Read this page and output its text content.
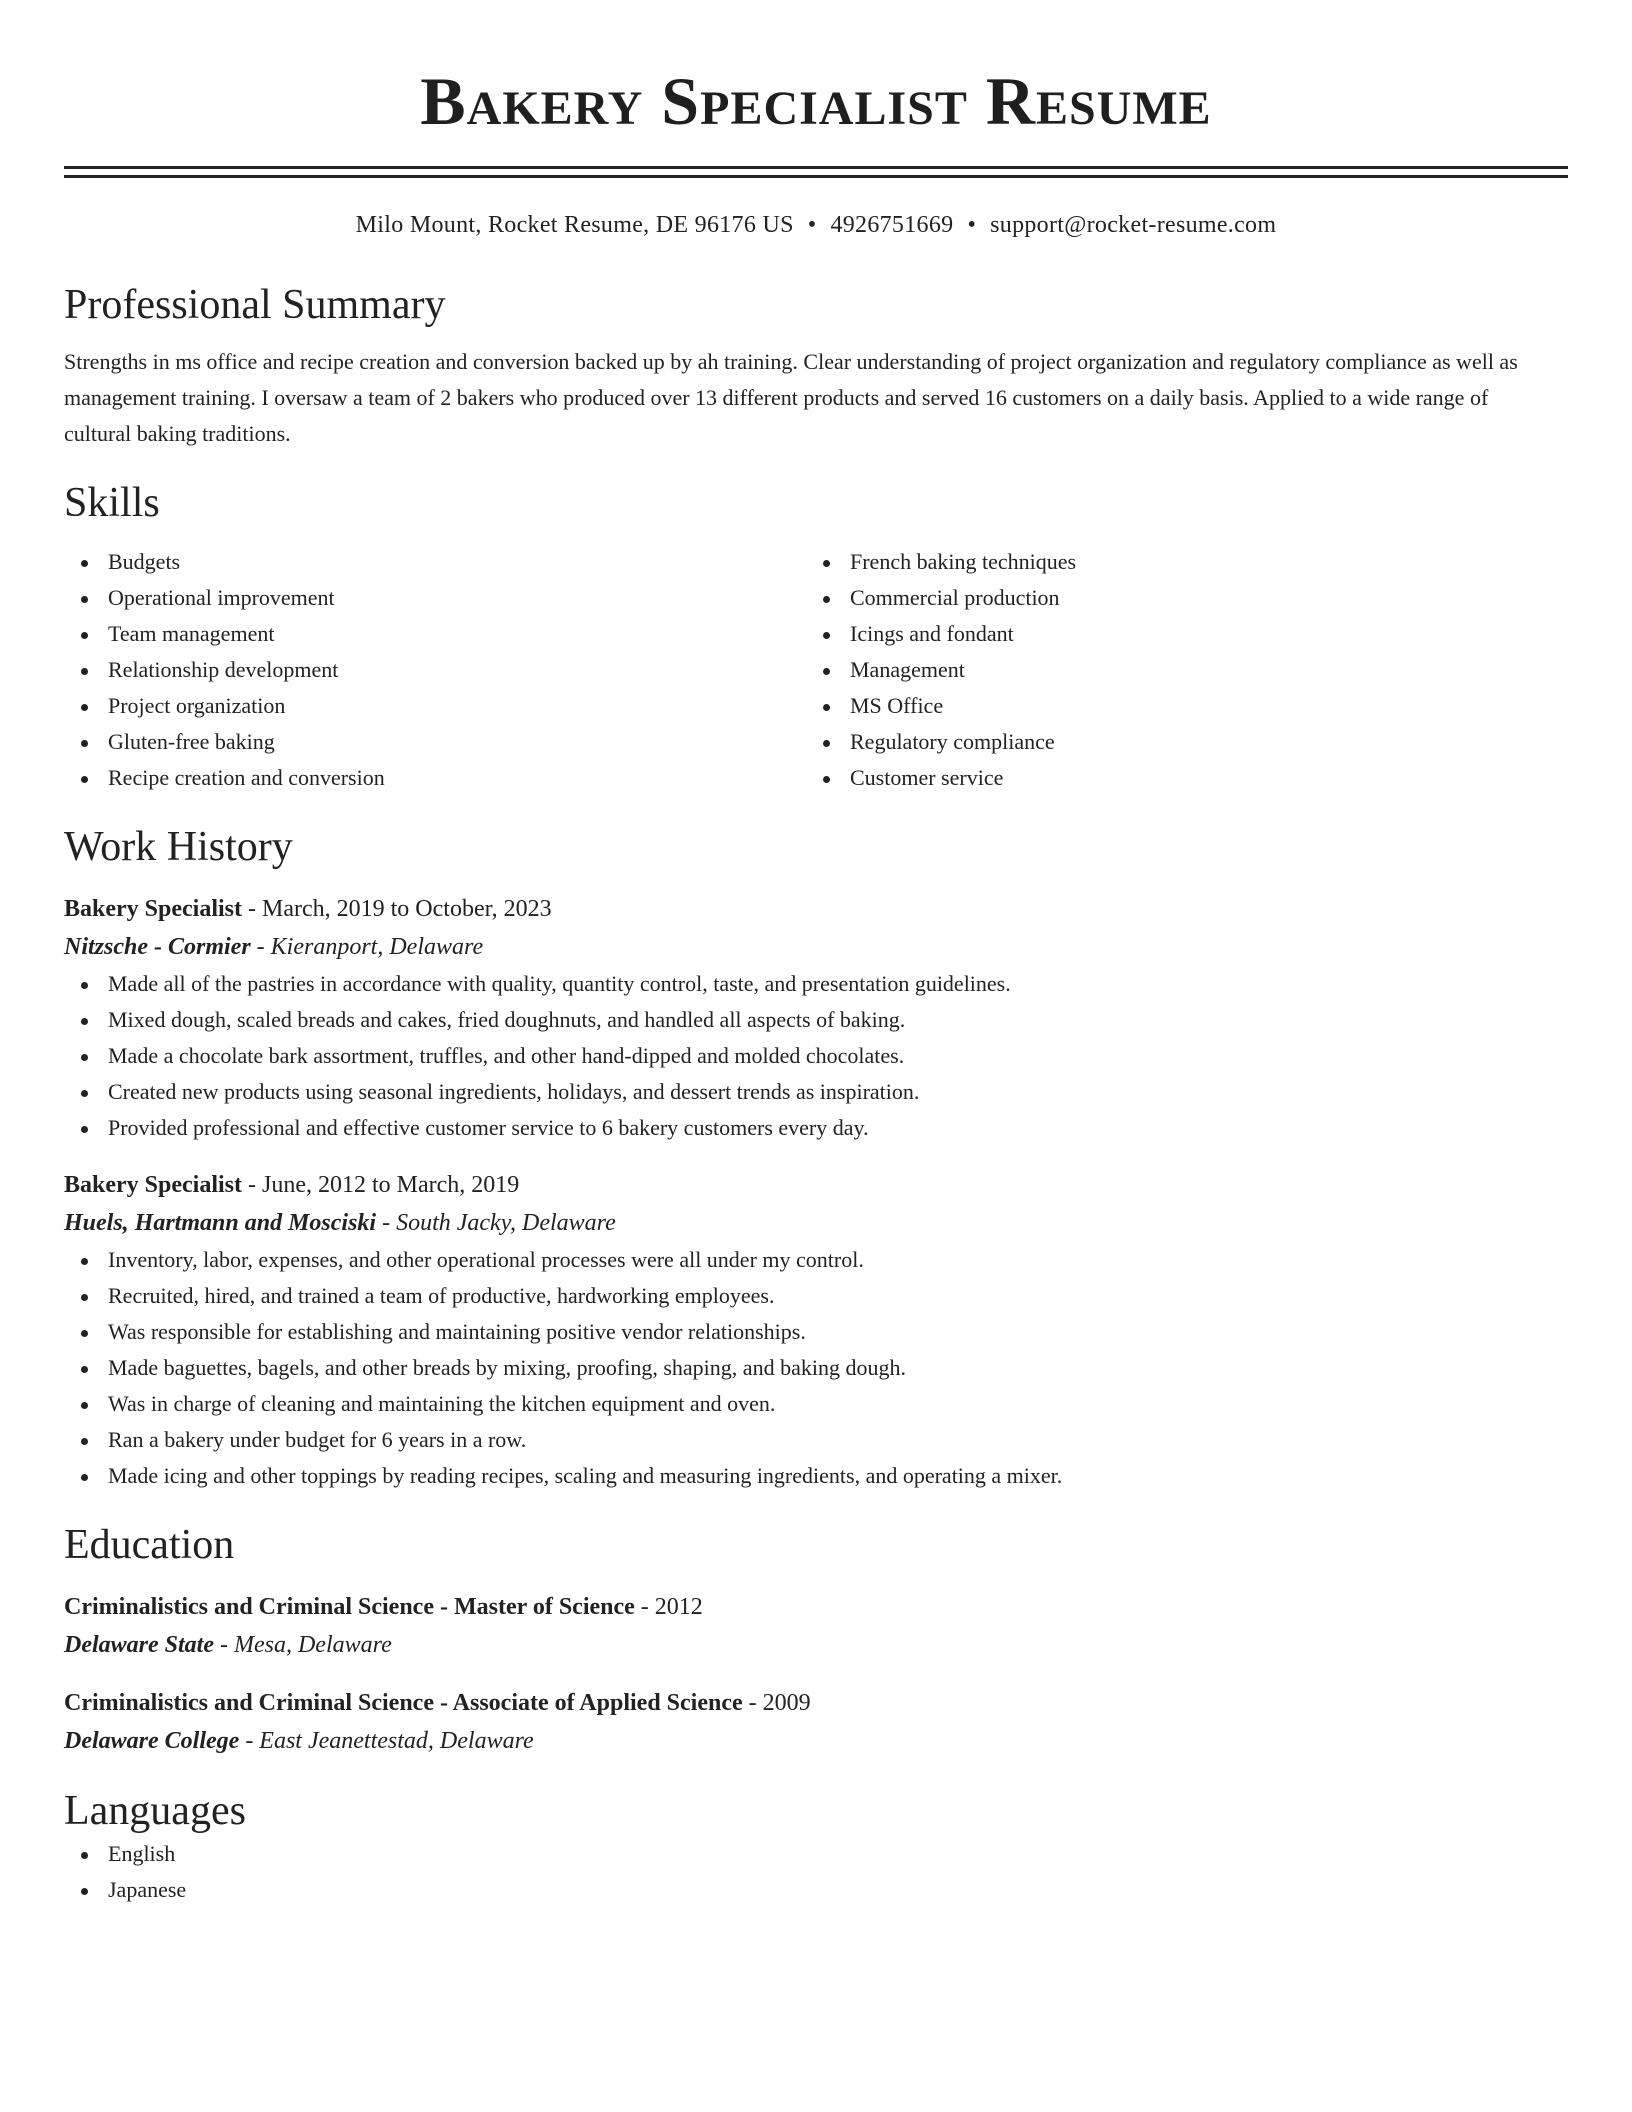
Bakery Specialist Resume
Milo Mount, Rocket Resume, DE 96176 US • 4926751669 • support@rocket-resume.com
Professional Summary
Strengths in ms office and recipe creation and conversion backed up by ah training. Clear understanding of project organization and regulatory compliance as well as management training. I oversaw a team of 2 bakers who produced over 13 different products and served 16 customers on a daily basis. Applied to a wide range of cultural baking traditions.
Skills
Budgets
Operational improvement
Team management
Relationship development
Project organization
Gluten-free baking
Recipe creation and conversion
French baking techniques
Commercial production
Icings and fondant
Management
MS Office
Regulatory compliance
Customer service
Work History
Bakery Specialist - March, 2019 to October, 2023
Nitzsche - Cormier - Kieranport, Delaware
Made all of the pastries in accordance with quality, quantity control, taste, and presentation guidelines.
Mixed dough, scaled breads and cakes, fried doughnuts, and handled all aspects of baking.
Made a chocolate bark assortment, truffles, and other hand-dipped and molded chocolates.
Created new products using seasonal ingredients, holidays, and dessert trends as inspiration.
Provided professional and effective customer service to 6 bakery customers every day.
Bakery Specialist - June, 2012 to March, 2019
Huels, Hartmann and Mosciski - South Jacky, Delaware
Inventory, labor, expenses, and other operational processes were all under my control.
Recruited, hired, and trained a team of productive, hardworking employees.
Was responsible for establishing and maintaining positive vendor relationships.
Made baguettes, bagels, and other breads by mixing, proofing, shaping, and baking dough.
Was in charge of cleaning and maintaining the kitchen equipment and oven.
Ran a bakery under budget for 6 years in a row.
Made icing and other toppings by reading recipes, scaling and measuring ingredients, and operating a mixer.
Education
Criminalistics and Criminal Science - Master of Science - 2012
Delaware State - Mesa, Delaware
Criminalistics and Criminal Science - Associate of Applied Science - 2009
Delaware College - East Jeanettestad, Delaware
Languages
English
Japanese
